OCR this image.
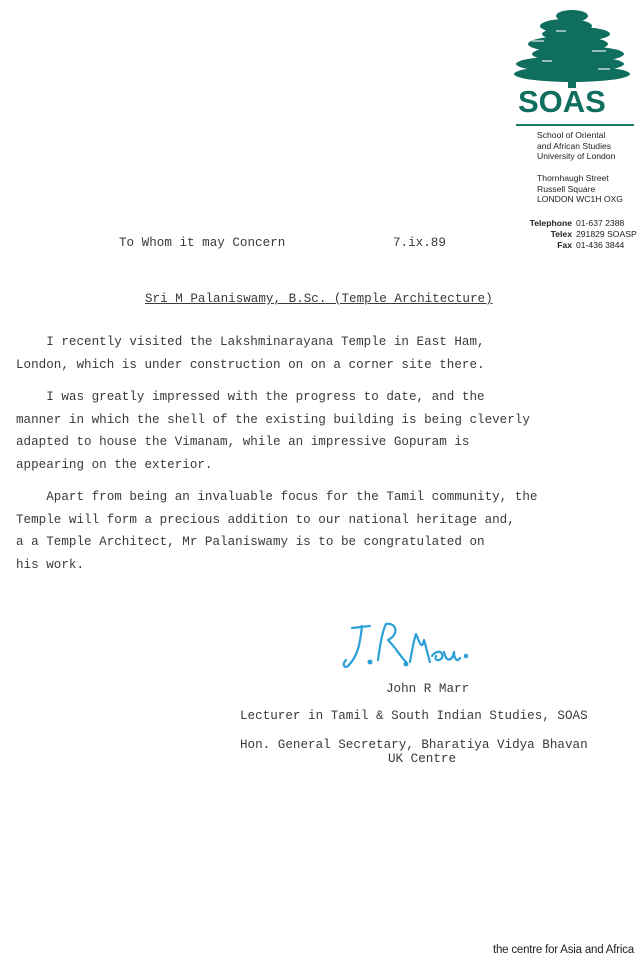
SOAS
School of Oriental
and African Studies
University of London
Thornhaugh Street
Russell Square
LONDON WC1H OXG
Telephone 01-637 2388
Telex 291829 SOASP
Fax 01-436 3844
To Whom it may Concern	7.ix.89
Sri M Palaniswamy, B.Sc. (Temple Architecture)
I recently visited the Lakshminarayana Temple in East Ham,
London, which is under construction on on a corner site there.
I was greatly impressed with the progress to date, and the
manner in which the shell of the existing building is being cleverly
adapted to house the Vimanam, while an impressive Gopuram is
appearing on the exterior.
Apart from being an invaluable focus for the Tamil community, the
Temple will form a precious addition to our national heritage and,
a a Temple Architect, Mr Palaniswamy is to be congratulated on
his work.
John R Marr
Lecturer in Tamil & South Indian Studies, SOAS
Hon. General Secretary, Bharatiya Vidya Bhavan
UK Centre
the centre for Asia and Africa
